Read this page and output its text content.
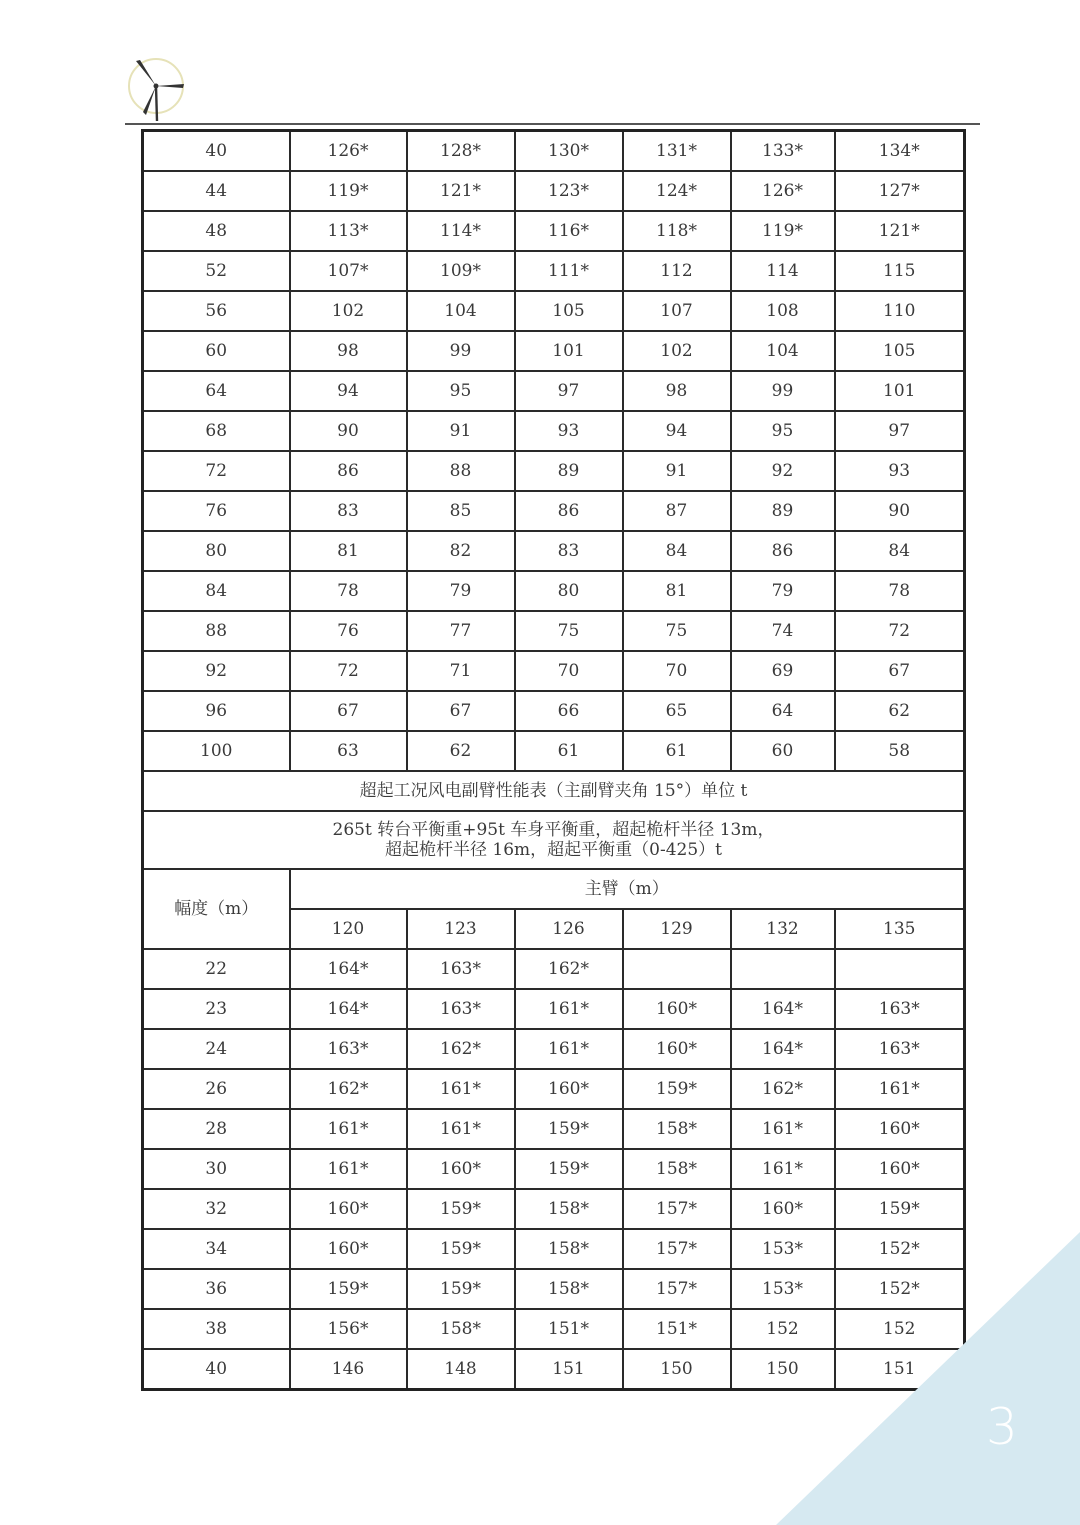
40	126*	128*	130*	131*	133*	134*
44	119*	121*	123*	124*	126*	127*
48	113*	114*	116*	118*	119*	121*
52	107*	109*	111*	112	114	115
56	102	104	105	107	108	110
60	98	99	101	102	104	105
64	94	95	97	98	99	101
68	90	91	93	94	95	97
72	86	88	89	91	92	93
76	83	85	86	87	89	90
80	81	82	83	84	86	84
84	78	79	80	81	79	78
88	76	77	75	75	74	72
92	72	71	70	70	69	67
96	67	67	66	65	64	62
100	63	62	61	61	60	58
超起工况风电副臂性能表（主副臂夹角 15°）单位 t						
265t 转台平衡重+95t 车身平衡重，超起桅杆半径 13m，
超起桅杆半径 16m，超起平衡重（0-425）t						
幅度（m）	主臂（m）					
	120	123	126	129	132	135
22	164*	163*	162*			
23	164*	163*	161*	160*	164*	163*
24	163*	162*	161*	160*	164*	163*
26	162*	161*	160*	159*	162*	161*
28	161*	161*	159*	158*	161*	160*
30	161*	160*	159*	158*	161*	160*
32	160*	159*	158*	157*	160*	159*
34	160*	159*	158*	157*	153*	152*
36	159*	159*	158*	157*	153*	152*
38	156*	158*	151*	151*	152	152
40	146	148	151	150	150	151
3
